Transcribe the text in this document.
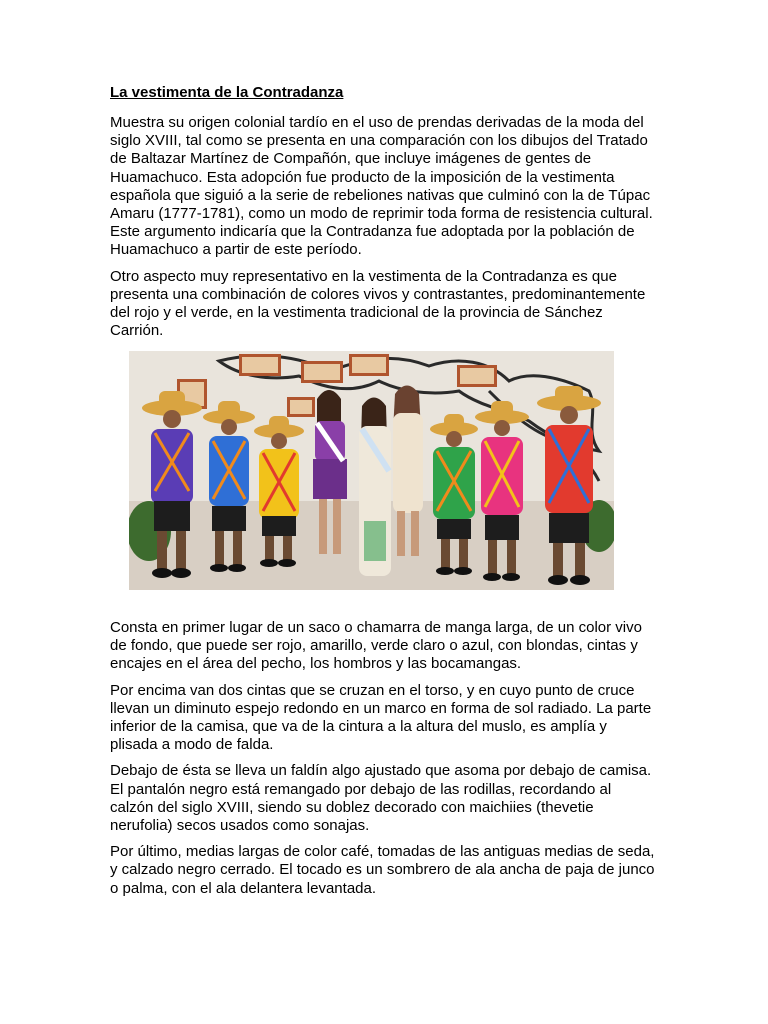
La vestimenta de la Contradanza

Muestra su origen colonial tardío en el uso de prendas derivadas de la moda del siglo XVIII, tal como se presenta en una comparación con los dibujos del Tratado de Baltazar Martínez de Compañón, que incluye imágenes de gentes de Huamachuco. Esta adopción fue producto de la imposición de la vestimenta española que siguió a la serie de rebeliones nativas que culminó con la de Túpac Amaru (1777-1781), como un modo de reprimir toda forma de resistencia cultural. Este argumento indicaría que la Contradanza fue adoptada por la población de Huamachuco a partir de este período.

Otro aspecto muy representativo en la vestimenta de la Contradanza es que presenta una combinación de colores vivos y contrastantes, predominantemente del rojo y el verde, en la vestimenta tradicional de la provincia de Sánchez Carrión.

Consta en primer lugar de un saco o chamarra de manga larga, de un color vivo de fondo, que puede ser rojo, amarillo, verde claro o azul, con blondas, cintas y encajes en el área del pecho, los hombros y las bocamangas.

Por encima van dos cintas que se cruzan en el torso, y en cuyo punto de cruce llevan un diminuto espejo redondo en un marco en forma de sol radiado. La parte inferior de la camisa, que va de la cintura a la altura del muslo, es amplía y plisada a modo de falda.

Debajo de ésta se lleva un faldín algo ajustado que asoma por debajo de camisa. El pantalón negro está remangado por debajo de las rodillas, recordando al calzón del siglo XVIII, siendo su doblez decorado con maichiies (thevetie nerufolia) secos usados como sonajas.

Por último, medias largas de color café, tomadas de las antiguas medias de seda, y calzado negro cerrado. El tocado es un sombrero de ala ancha de paja de junco o palma, con el ala delantera levantada.
